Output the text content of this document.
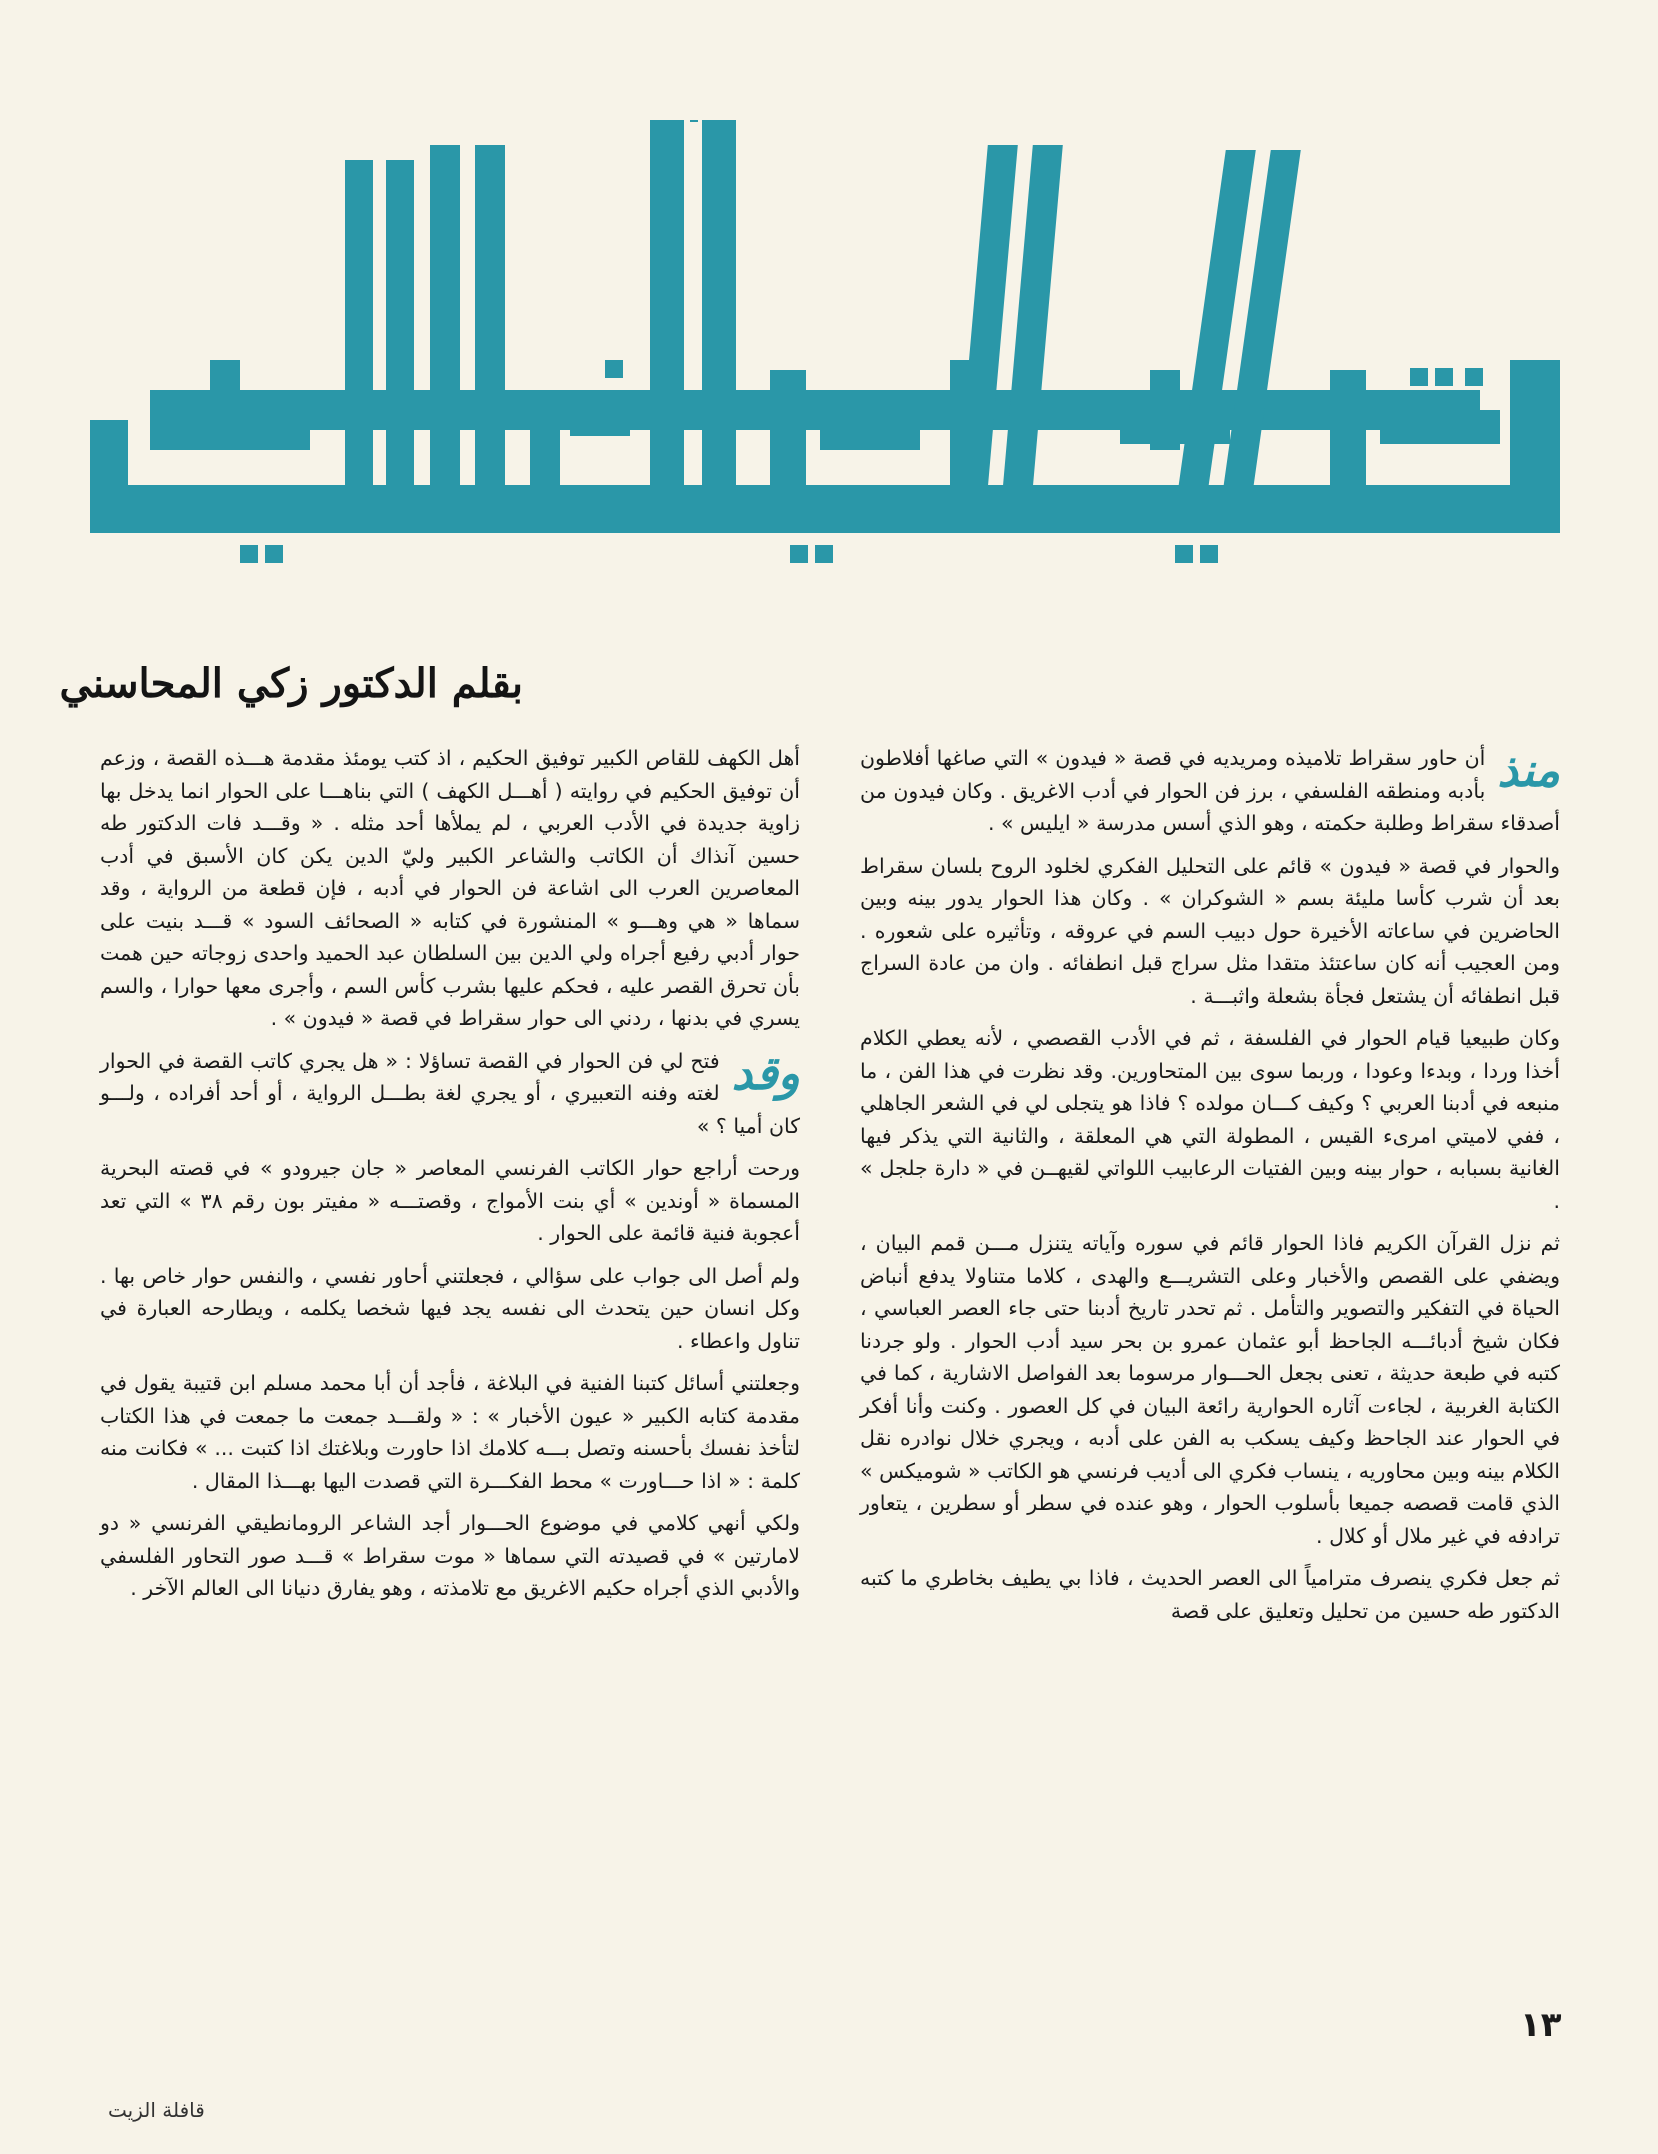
بقلم الدكتور زكي المحاسني

منذ
أن حاور سقراط تلاميذه ومريديه في قصة « فيدون » التي صاغها أفلاطون بأدبه ومنطقه الفلسفي ، برز فن الحوار في أدب الاغريق . وكان فيدون من أصدقاء سقراط وطلبة حكمته ، وهو الذي أسس مدرسة « ايليس » .

والحوار في قصة « فيدون » قائم على التحليل الفكري لخلود الروح بلسان سقراط بعد أن شرب كأسا مليئة بسم « الشوكران » . وكان هذا الحوار يدور بينه وبين الحاضرين في ساعاته الأخيرة حول دبيب السم في عروقه ، وتأثيره على شعوره . ومن العجيب أنه كان ساعتئذ متقدا مثل سراج قبل انطفائه . وان من عادة السراج قبل انطفائه أن يشتعل فجأة بشعلة واثبـــة .

وكان طبيعيا قيام الحوار في الفلسفة ، ثم في الأدب القصصي ، لأنه يعطي الكلام أخذا وردا ، وبدءا وعودا ، وربما سوى بين المتحاورين. وقد نظرت في هذا الفن ، ما منبعه في أدبنا العربي ؟ وكيف كـــان مولده ؟ فاذا هو يتجلى لي في الشعر الجاهلي ، ففي لاميتي امرىء القيس ، المطولة التي هي المعلقة ، والثانية التي يذكر فيها الغانية بسبابه ، حوار بينه وبين الفتيات الرعابيب اللواتي لقيهــن في « دارة جلجل » .

ثم نزل القرآن الكريم فاذا الحوار قائم في سوره وآياته يتنزل مـــن قمم البيان ، ويضفي على القصص والأخبار وعلى التشريـــع والهدى ، كلاما متناولا يدفع أنباض الحياة في التفكير والتصوير والتأمل . ثم تحدر تاريخ أدبنا حتى جاء العصر العباسي ، فكان شيخ أدبائـــه الجاحظ أبو عثمان عمرو بن بحر سيد أدب الحوار . ولو جردنا كتبه في طبعة حديثة ، تعنى بجعل الحـــوار مرسوما بعد الفواصل الاشارية ، كما في الكتابة الغربية ، لجاءت آثاره الحوارية رائعة البيان في كل العصور . وكنت وأنا أفكر في الحوار عند الجاحظ وكيف يسكب به الفن على أدبه ، ويجري خلال نوادره نقل الكلام بينه وبين محاوريه ، ينساب فكري الى أديب فرنسي هو الكاتب « شوميكس » الذي قامت قصصه جميعا بأسلوب الحوار ، وهو عنده في سطر أو سطرين ، يتعاور ترادفه في غير ملال أو كلال .

ثم جعل فكري ينصرف مترامياً الى العصر الحديث ، فاذا بي يطيف بخاطري ما كتبه الدكتور طه حسين من تحليل وتعليق على قصة

أهل الكهف للقاص الكبير توفيق الحكيم ، اذ كتب يومئذ مقدمة هـــذه القصة ، وزعم أن توفيق الحكيم في روايته ( أهـــل الكهف ) التي بناهـــا على الحوار انما يدخل بها زاوية جديدة في الأدب العربي ، لم يملأها أحد مثله . « وقـــد فات الدكتور طه حسين آنذاك أن الكاتب والشاعر الكبير وليّ الدين يكن كان الأسبق في أدب المعاصرين العرب الى اشاعة فن الحوار في أدبه ، فإن قطعة من الرواية ، وقد سماها « هي وهـــو » المنشورة في كتابه « الصحائف السود » قـــد بنيت على حوار أدبي رفيع أجراه ولي الدين بين السلطان عبد الحميد واحدى زوجاته حين همت بأن تحرق القصر عليه ، فحكم عليها بشرب كأس السم ، وأجرى معها حوارا ، والسم يسري في بدنها ، ردني الى حوار سقراط في قصة « فيدون » .

وقد
فتح لي فن الحوار في القصة تساؤلا : « هل يجري كاتب القصة في الحوار لغته وفنه التعبيري ، أو يجري لغة بطـــل الرواية ، أو أحد أفراده ، ولـــو كان أميا ؟ »

ورحت أراجع حوار الكاتب الفرنسي المعاصر « جان جيرودو » في قصته البحرية المسماة « أوندين » أي بنت الأمواج ، وقصتـــه « مفيتر بون رقم ٣٨ » التي تعد أعجوبة فنية قائمة على الحوار .

ولم أصل الى جواب على سؤالي ، فجعلتني أحاور نفسي ، والنفس حوار خاص بها . وكل انسان حين يتحدث الى نفسه يجد فيها شخصا يكلمه ، ويطارحه العبارة في تناول واعطاء .

وجعلتني أسائل كتبنا الفنية في البلاغة ، فأجد أن أبا محمد مسلم ابن قتيبة يقول في مقدمة كتابه الكبير « عيون الأخبار » : « ولقـــد جمعت ما جمعت في هذا الكتاب لتأخذ نفسك بأحسنه وتصل بـــه كلامك اذا حاورت وبلاغتك اذا كتبت ... » فكانت منه كلمة : « اذا حـــاورت » محط الفكـــرة التي قصدت اليها بهـــذا المقال .

ولكي أنهي كلامي في موضوع الحـــوار أجد الشاعر الرومانطيقي الفرنسي « دو لامارتين » في قصيدته التي سماها « موت سقراط » قـــد صور التحاور الفلسفي والأدبي الذي أجراه حكيم الاغريق مع تلامذته ، وهو يفارق دنيانا الى العالم الآخر .

١٣
قافلة الزيت
